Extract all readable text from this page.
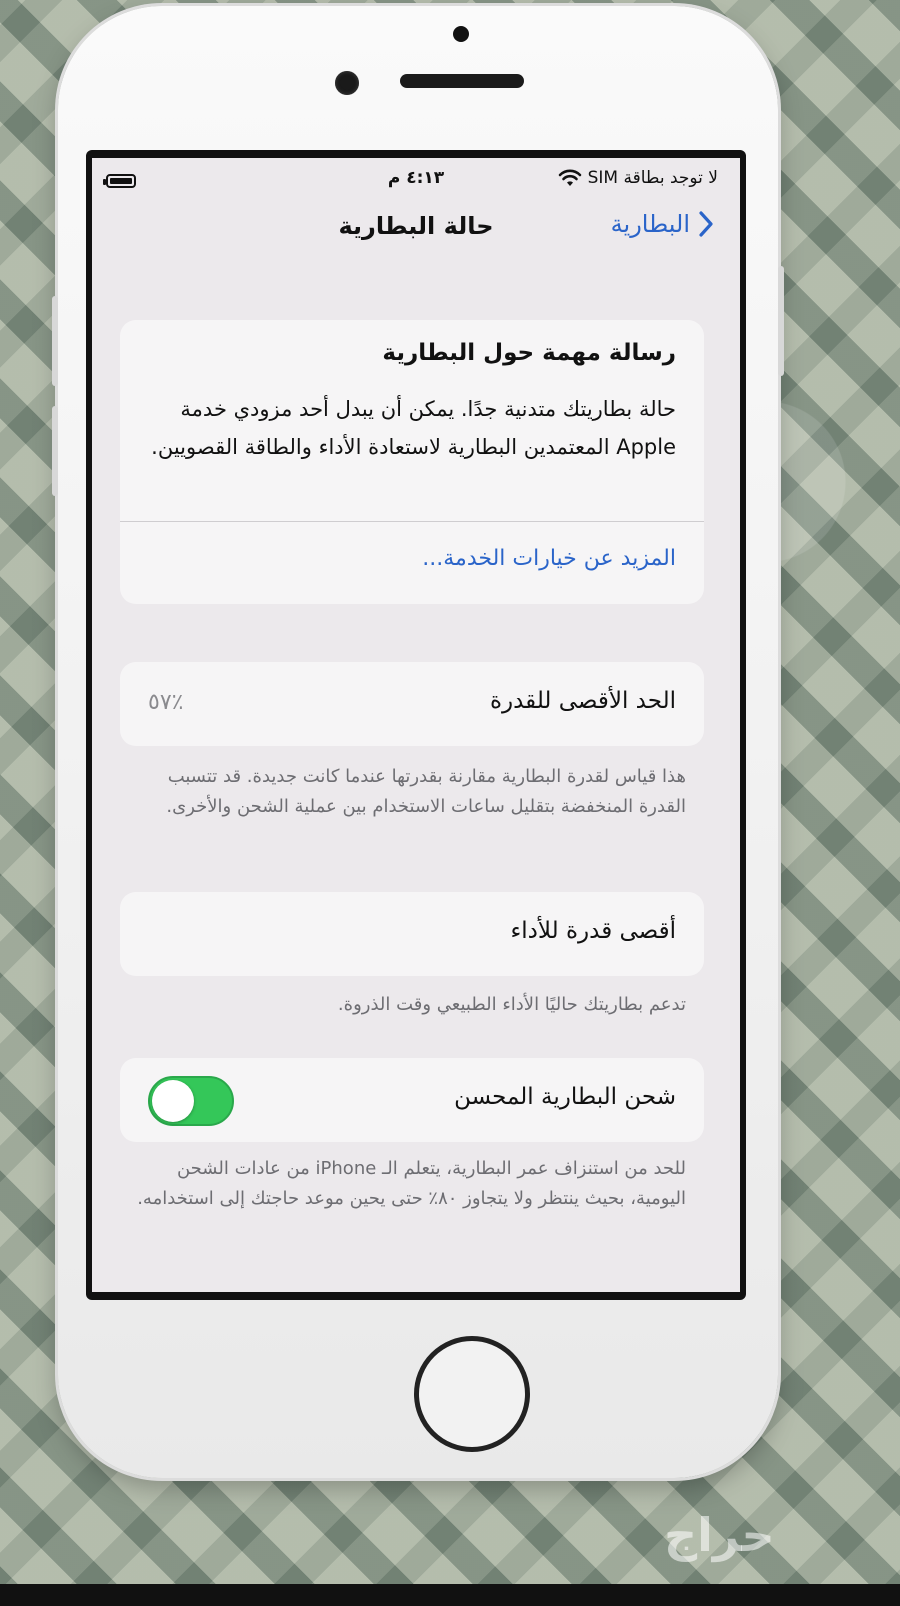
لا توجد بطاقة SIM
٤:١٣ م
حالة البطارية	البطارية
رسالة مهمة حول البطارية
حالة بطاريتك متدنية جدًا. يمكن أن يبدل أحد مزودي خدمة Apple المعتمدين البطارية لاستعادة الأداء والطاقة القصويين.
المزيد عن خيارات الخدمة...
الحد الأقصى للقدرة
٪٥٧
هذا قياس لقدرة البطارية مقارنة بقدرتها عندما كانت جديدة. قد تتسبب القدرة المنخفضة بتقليل ساعات الاستخدام بين عملية الشحن والأخرى.
أقصى قدرة للأداء
تدعم بطاريتك حاليًا الأداء الطبيعي وقت الذروة.
شحن البطارية المحسن
للحد من استنزاف عمر البطارية، يتعلم الـ iPhone من عادات الشحن اليومية، بحيث ينتظر ولا يتجاوز ٨٠٪ حتى يحين موعد حاجتك إلى استخدامه.
حراج
